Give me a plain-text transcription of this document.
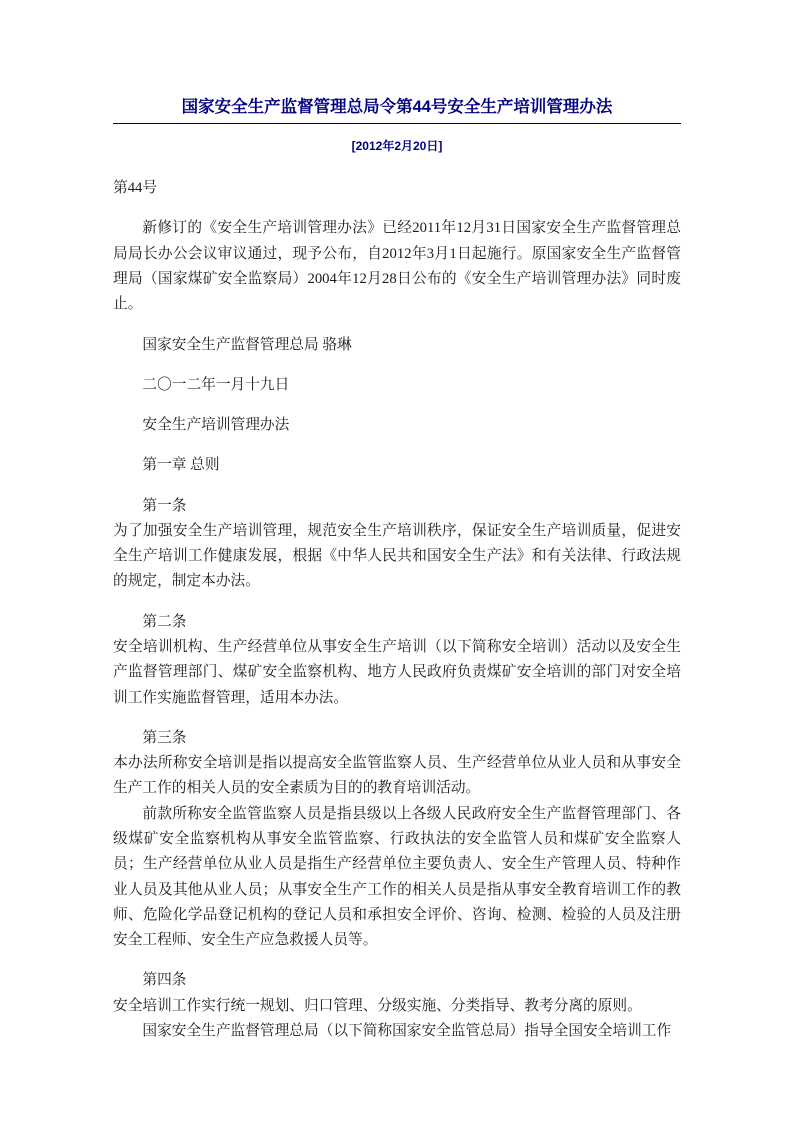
国家安全生产监督管理总局令第44号安全生产培训管理办法
[2012年2月20日]

第44号

新修订的《安全生产培训管理办法》已经2011年12月31日国家安全生产监督管理总局局长办公会议审议通过，现予公布，自2012年3月1日起施行。原国家安全生产监督管理局（国家煤矿安全监察局）2004年12月28日公布的《安全生产培训管理办法》同时废止。

国家安全生产监督管理总局 骆琳

二〇一二年一月十九日

安全生产培训管理办法

第一章 总则

第一条

为了加强安全生产培训管理，规范安全生产培训秩序，保证安全生产培训质量，促进安全生产培训工作健康发展，根据《中华人民共和国安全生产法》和有关法律、行政法规的规定，制定本办法。

第二条

安全培训机构、生产经营单位从事安全生产培训（以下简称安全培训）活动以及安全生产监督管理部门、煤矿安全监察机构、地方人民政府负责煤矿安全培训的部门对安全培训工作实施监督管理，适用本办法。

第三条

本办法所称安全培训是指以提高安全监管监察人员、生产经营单位从业人员和从事安全生产工作的相关人员的安全素质为目的的教育培训活动。

前款所称安全监管监察人员是指县级以上各级人民政府安全生产监督管理部门、各级煤矿安全监察机构从事安全监管监察、行政执法的安全监管人员和煤矿安全监察人员；生产经营单位从业人员是指生产经营单位主要负责人、安全生产管理人员、特种作业人员及其他从业人员；从事安全生产工作的相关人员是指从事安全教育培训工作的教师、危险化学品登记机构的登记人员和承担安全评价、咨询、检测、检验的人员及注册安全工程师、安全生产应急救援人员等。

第四条

安全培训工作实行统一规划、归口管理、分级实施、分类指导、教考分离的原则。

国家安全生产监督管理总局（以下简称国家安全监管总局）指导全国安全培训工作
